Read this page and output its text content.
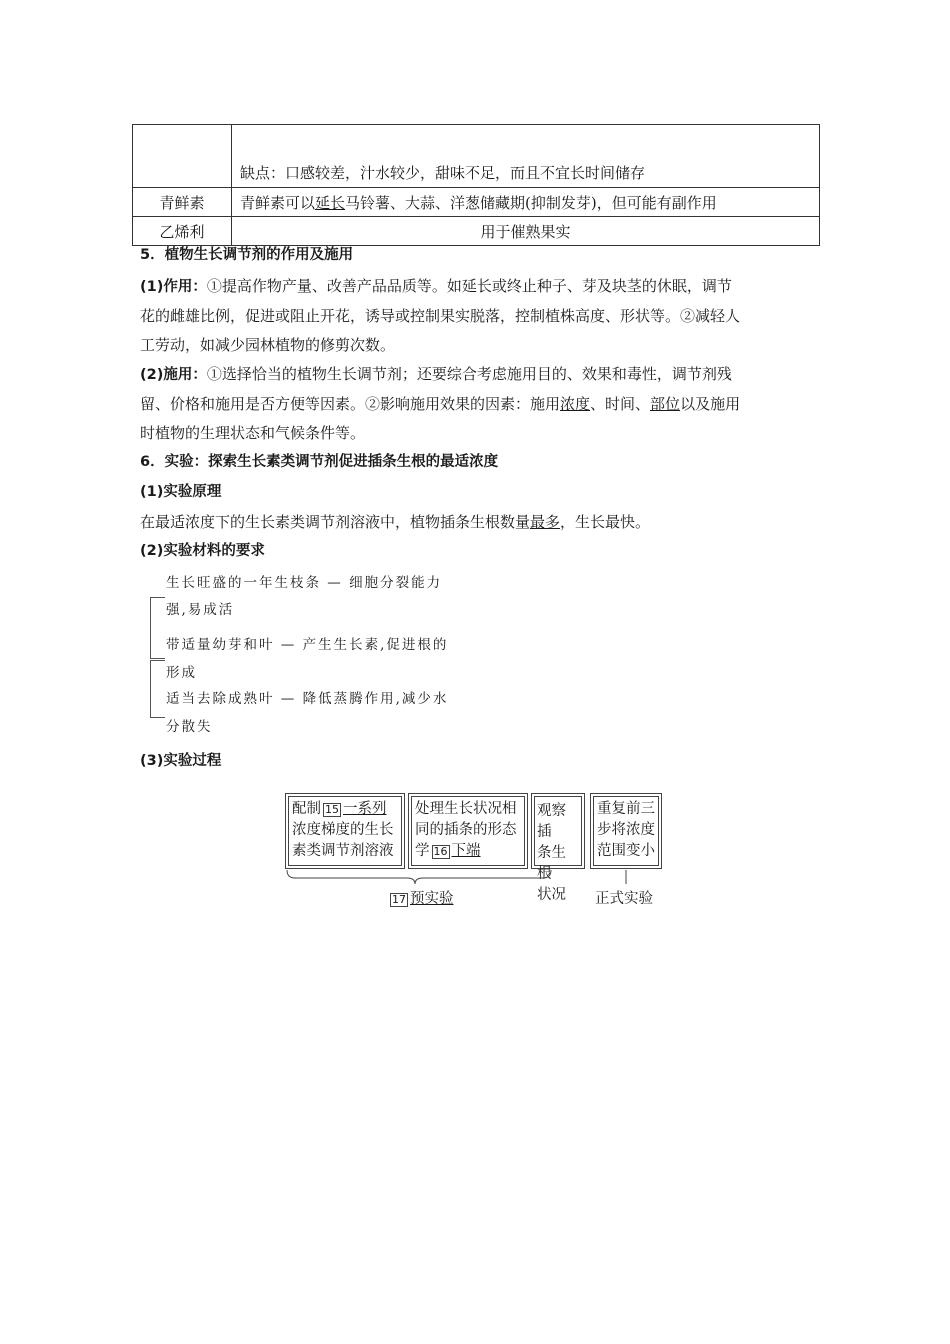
	缺点：口感较差，汁水较少，甜味不足，而且不宜长时间储存
青鲜素	青鲜素可以延长马铃薯、大蒜、洋葱储藏期(抑制发芽)，但可能有副作用
乙烯利	用于催熟果实
5．植物生长调节剂的作用及施用
(1)作用：①提高作物产量、改善产品品质等。如延长或终止种子、芽及块茎的休眠，调节
花的雌雄比例，促进或阻止开花，诱导或控制果实脱落，控制植株高度、形状等。②减轻人
工劳动，如减少园林植物的修剪次数。
(2)施用：①选择恰当的植物生长调节剂；还要综合考虑施用目的、效果和毒性，调节剂残
留、价格和施用是否方便等因素。②影响施用效果的因素：施用浓度、时间、部位以及施用
时植物的生理状态和气候条件等。
6．实验：探索生长素类调节剂促进插条生根的最适浓度
(1)实验原理
在最适浓度下的生长素类调节剂溶液中，植物插条生根数量最多，生长最快。
(2)实验材料的要求
生长旺盛的一年生枝条 — 细胞分裂能力
强,易成活
带适量幼芽和叶 — 产生生长素,促进根的
形成
适当去除成熟叶 — 降低蒸腾作用,减少水
分散失
(3)实验过程
配制 15 一系列
浓度梯度的生长
素类调节剂溶液
处理生长状况相
同的插条的形态
学 16 下端
观察插
条生根
状况
重复前三
步将浓度
范围变小
17 预实验	正式实验
